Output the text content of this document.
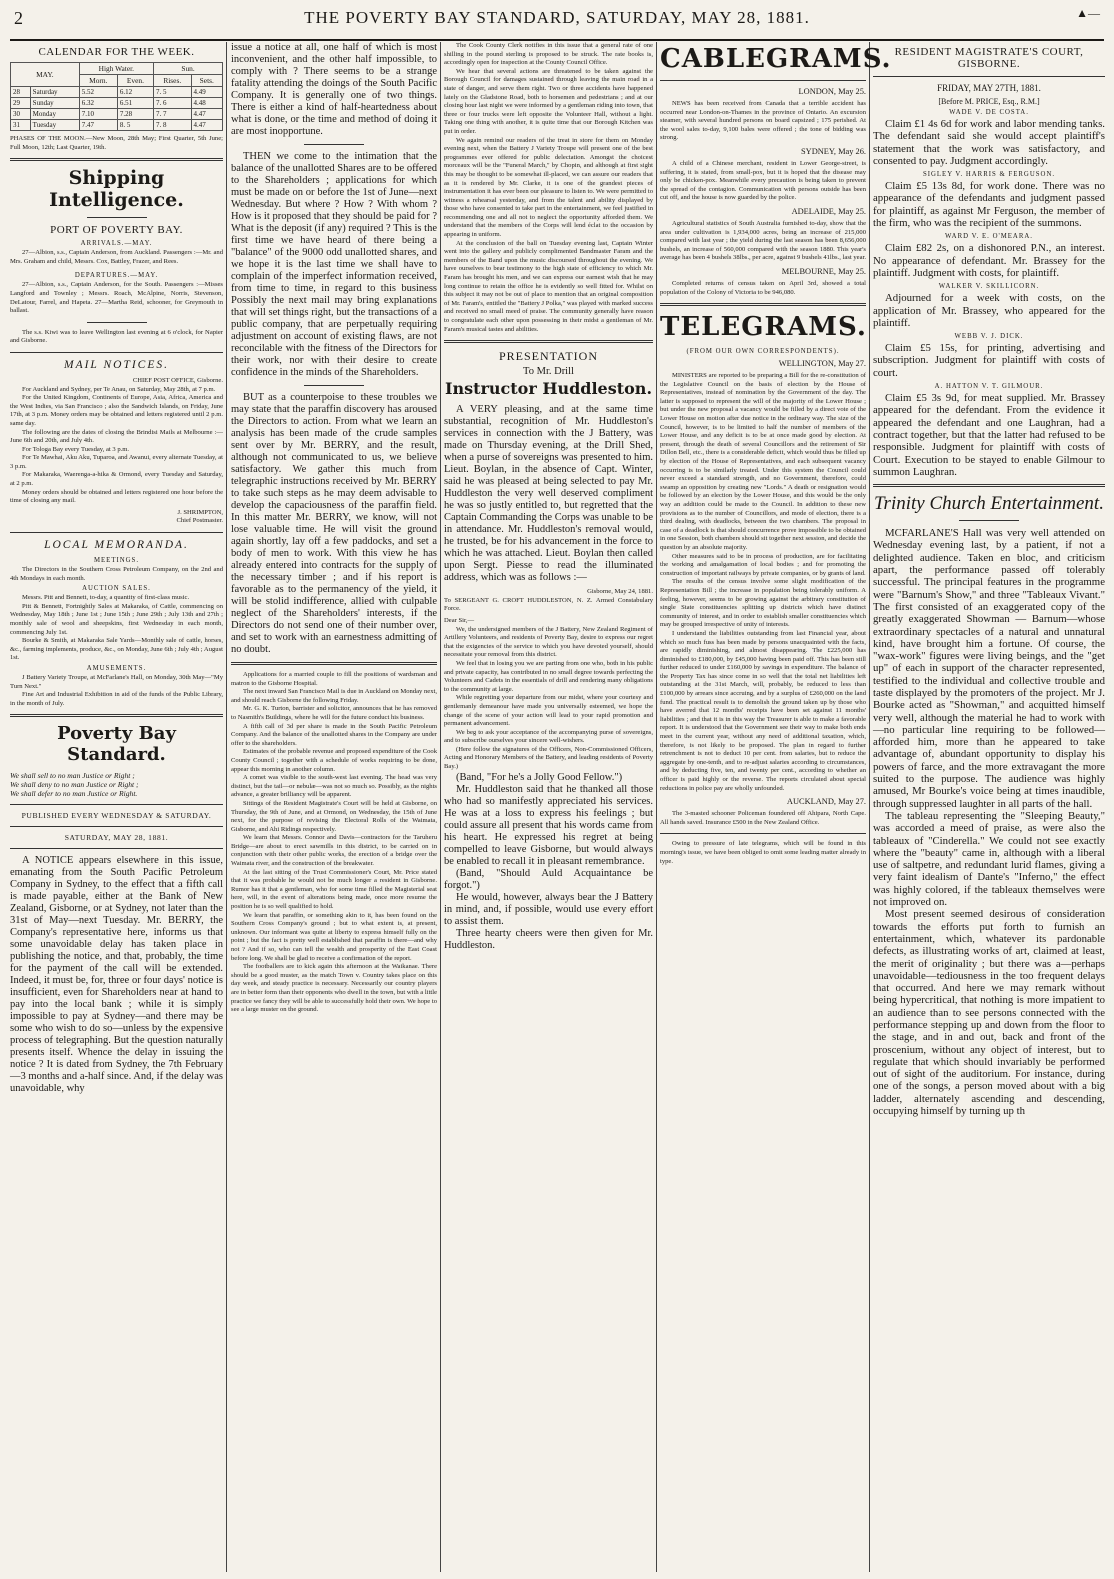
2	THE POVERTY BAY STANDARD, SATURDAY, MAY 28, 1881.	▲—
CALENDAR FOR THE WEEK.
MAY.		High Water.		Sun.	
		Morn.	Even.	Rises.	Sets.
28	Saturday	5.52	6.12	7. 5	4.49
29	Sunday	6.32	6.51	7. 6	4.48
30	Monday	7.10	7.28	7. 7	4.47
31	Tuesday	7.47	8. 5	7. 8	4.47

PHASES OF THE MOON.—New Moon, 28th May; First Quarter, 5th June; Full Moon, 12th; Last Quarter, 19th.

Shipping Intelligence.
PORT OF POVERTY BAY.
ARRIVALS.—MAY.

27—Albion, s.s., Captain Anderson, from Auckland. Passengers :—Mr. and Mrs. Graham and child, Messrs. Cox, Battley, Frazer, and Rees.

DEPARTURES.—MAY.

27—Albion, s.s., Captain Anderson, for the South. Passengers :—Misses Langford and Townley ; Messrs. Roach, McAlpine, Norris, Stevenson, DeLatour, Farrel, and Hapeta. 27—Martha Reid, schooner, for Greymouth in ballast.

The s.s. Kiwi was to leave Wellington last evening at 6 o'clock, for Napier and Gisborne.

MAIL NOTICES.

CHIEF POST OFFICE, Gisborne.

For Auckland and Sydney, per Te Anau, on Saturday, May 28th, at 7 p.m.

For the United Kingdom, Continents of Europe, Asia, Africa, America and the West Indies, via San Francisco ; also the Sandwich Islands, on Friday, June 17th, at 3 p.m. Money orders may be obtained and letters registered until 2 p.m. same day.

The following are the dates of closing the Brindisi Mails at Melbourne :—June 6th and 20th, and July 4th.

For Tologa Bay every Tuesday, at 3 p.m.

For Te Mawhai, Aku Aku, Tuparoa, and Awanui, every alternate Tuesday, at 3 p.m.

For Makaraka, Waerenga-a-hika & Ormond, every Tuesday and Saturday, at 2 p.m.

Money orders should be obtained and letters registered one hour before the time of closing any mail.

J. SHRIMPTON,

Chief Postmaster.

LOCAL MEMORANDA.
MEETINGS.

The Directors in the Southern Cross Petroleum Company, on the 2nd and 4th Mondays in each month.

AUCTION SALES.

Messrs. Pitt and Bennett, to-day, a quantity of first-class music.

Pitt & Bennett, Fortnightly Sales at Makaraka, of Cattle, commencing on Wednesday, May 18th ; June 1st ; June 15th ; June 29th ; July 13th and 27th ; monthly sale of wool and sheepskins, first Wednesday in each month, commencing July 1st.

Bourke & Smith, at Makaraka Sale Yards—Monthly sale of cattle, horses, &c., farming implements, produce, &c., on Monday, June 6th ; July 4th ; August 1st.

AMUSEMENTS.

J Battery Variety Troupe, at McFarlane's Hall, on Monday, 30th May—"My Turn Next."

Fine Art and Industrial Exhibition in aid of the funds of the Public Library, in the month of July.

Poverty Bay Standard.

We shall sell to no man Justice or Right ;

We shall deny to no man Justice or Right ;

We shall defer to no man Justice or Right.

PUBLISHED EVERY WEDNESDAY & SATURDAY.
SATURDAY, MAY 28, 1881.

A NOTICE appears elsewhere in this issue, emanating from the South Pacific Petroleum Company in Sydney, to the effect that a fifth call is made payable, either at the Bank of New Zealand, Gisborne, or at Sydney, not later than the 31st of May—next Tuesday. Mr. BERRY, the Company's representative here, informs us that some unavoidable delay has taken place in publishing the notice, and that, probably, the time for the payment of the call will be extended. Indeed, it must be, for, three or four days' notice is insufficient, even for Shareholders near at hand to pay into the local bank ; while it is simply impossible to pay at Sydney—and there may be some who wish to do so—unless by the expensive process of telegraphing. But the question naturally presents itself. Whence the delay in issuing the notice ? It is dated from Sydney, the 7th February—3 months and a-half since. And, if the delay was unavoidable, why

issue a notice at all, one half of which is most inconvenient, and the other half impossible, to comply with ? There seems to be a strange fatality attending the doings of the South Pacific Company. It is generally one of two things. There is either a kind of half-heartedness about what is done, or the time and method of doing it are most inopportune.

THEN we come to the intimation that the balance of the unallotted Shares are to be offered to the Shareholders ; applications for which must be made on or before the 1st of June—next Wednesday. But where ? How ? With whom ? How is it proposed that they should be paid for ? What is the deposit (if any) required ? This is the first time we have heard of there being a "balance" of the 9000 odd unallotted shares, and we hope it is the last time we shall have to complain of the imperfect information received, from time to time, in regard to this business Possibly the next mail may bring explanations that will set things right, but the transactions of a public company, that are perpetually requiring adjustment on account of existing flaws, are not reconcilable with the fitness of the Directors for their work, nor with their desire to create confidence in the minds of the Shareholders.

BUT as a counterpoise to these troubles we may state that the paraffin discovery has aroused the Directors to action. From what we learn an analysis has been made of the crude samples sent over by Mr. BERRY, and the result, although not communicated to us, we believe satisfactory. We gather this much from telegraphic instructions received by Mr. BERRY to take such steps as he may deem advisable to develop the capaciousness of the paraffin field. In this matter Mr. BERRY, we know, will not lose valuable time. He will visit the ground again shortly, lay off a few paddocks, and set a body of men to work. With this view he has already entered into contracts for the supply of the necessary timber ; and if his report is favorable as to the permanency of the yield, it will be stolid indifference, allied with culpable neglect of the Shareholders' interests, if the Directors do not send one of their number over, and set to work with an earnestness admitting of no doubt.

Applications for a married couple to fill the positions of wardsman and matron to the Gisborne Hospital.

The next inward San Francisco Mail is due in Auckland on Monday next, and should reach Gisborne the following Friday.

Mr. G. K. Turton, barrister and solicitor, announces that he has removed to Nasmith's Buildings, where he will for the future conduct his business.

A fifth call of 3d per share is made in the South Pacific Petroleum Company. And the balance of the unallotted shares in the Company are under offer to the shareholders.

Estimates of the probable revenue and proposed expenditure of the Cook County Council ; together with a schedule of works requiring to be done, appear this morning in another column.

A comet was visible to the south-west last evening. The head was very distinct, but the tail—or nebulæ—was not so much so. Possibly, as the nights advance, a greater brilliancy will be apparent.

Sittings of the Resident Magistrate's Court will be held at Gisborne, on Thursday, the 9th of June, and at Ormond, on Wednesday, the 15th of June next, for the purpose of revising the Electoral Rolls of the Waimata, Gisborne, and Ahi Ridings respectively.

We learn that Messrs. Connor and Davis—contractors for the Taruheru Bridge—are about to erect sawmills in this district, to be carried on in conjunction with their other public works, the erection of a bridge over the Waimata river, and the construction of the breakwater.

At the last sitting of the Trust Commissioner's Court, Mr. Price stated that it was probable he would not be much longer a resident in Gisborne. Rumor has it that a gentleman, who for some time filled the Magisterial seat here, will, in the event of alterations being made, once more resume the position he is so well qualified to hold.

We learn that paraffin, or something akin to it, has been found on the Southern Cross Company's ground ; but to what extent is, at present, unknown. Our informant was quite at liberty to express himself fully on the point ; but the fact is pretty well established that paraffin is there—and why not ? And if so, who can tell the wealth and prosperity of the East Coast before long. We shall be glad to receive a confirmation of the report.

The footballers are to kick again this afternoon at the Waikanae. There should be a good muster, as the match Town v. Country takes place on this day week, and steady practice is necessary. Necessarily our country players are in better form than their opponents who dwell in the town, but with a little practice we fancy they will be able to successfully hold their own. We hope to see a large muster on the ground.

The Cook County Clerk notifies in this issue that a general rate of one shilling in the pound sterling is proposed to be struck. The rate books is, accordingly open for inspection at the County Council Office.

We hear that several actions are threatened to be taken against the Borough Council for damages sustained through leaving the main road in a state of danger, and serve them right. Two or three accidents have happened lately on the Gladstone Road, both to horsemen and pedestrians ; and at our closing hour last night we were informed by a gentleman riding into town, that three or four trucks were left opposite the Volunteer Hall, without a light. Taking one thing with another, it is quite time that our Borough Kitchen was put in order.

We again remind our readers of the treat in store for them on Monday evening next, when the Battery J Variety Troupe will present one of the best programmes ever offered for public delectation. Amongst the choicest morceaux will be the "Funeral March," by Chopin, and although at first sight this may be thought to be somewhat ill-placed, we can assure our readers that as it is rendered by Mr. Clarke, it is one of the grandest pieces of instrumentation it has ever been our pleasure to listen to. We were permitted to witness a rehearsal yesterday, and from the talent and ability displayed by those who have consented to take part in the entertainment, we feel justified in recommending one and all not to neglect the opportunity afforded them. We understand that the members of the Corps will lend éclat to the occasion by appearing in uniform.

At the conclusion of the ball on Tuesday evening last, Captain Winter went into the gallery and publicly complimented Bandmaster Faram and the members of the Band upon the music discoursed throughout the evening. We have ourselves to bear testimony to the high state of efficiency to which Mr. Faram has brought his men, and we can express our earnest wish that he may long continue to retain the office he is evidently so well fitted for. Whilst on this subject it may not be out of place to mention that an original composition of Mr. Faram's, entitled the "Battery J Polka," was played with marked success and received no small meed of praise. The community generally have reason to congratulate each other upon possessing in their midst a gentleman of Mr. Faram's musical tastes and abilities.

PRESENTATION
To Mr. Drill
Instructor Huddleston.

A VERY pleasing, and at the same time substantial, recognition of Mr. Huddleston's services in connection with the J Battery, was made on Thursday evening, at the Drill Shed, when a purse of sovereigns was presented to him. Lieut. Boylan, in the absence of Capt. Winter, said he was pleased at being selected to pay Mr. Huddleston the very well deserved compliment he was so justly entitled to, but regretted that the Captain Commanding the Corps was unable to be in attendance. Mr. Huddleston's removal would, he trusted, be for his advancement in the force to which he was attached. Lieut. Boylan then called upon Sergt. Piesse to read the illuminated address, which was as follows :—

Gisborne, May 24, 1881.

To SERGEANT G. CROFT HUDDLESTON, N. Z. Armed Constabulary Force.

Dear Sir,—

We, the undersigned members of the J Battery, New Zealand Regiment of Artillery Volunteers, and residents of Poverty Bay, desire to express our regret that the exigencies of the service to which you have devoted yourself, should necessitate your removal from this district.

We feel that in losing you we are parting from one who, both in his public and private capacity, has contributed in no small degree towards perfecting the Volunteers and Cadets in the essentials of drill and rendering many obligations to the community at large.

While regretting your departure from our midst, where your courtesy and gentlemanly demeanour have made you universally esteemed, we hope the change of the scene of your action will lead to your rapid promotion and permanent advancement.

We beg to ask your acceptance of the accompanying purse of sovereigns, and to subscribe ourselves your sincere well-wishers.

(Here follow the signatures of the Officers, Non-Commissioned Officers, Acting and Honorary Members of the Battery, and leading residents of Poverty Bay.)

(Band, "For he's a Jolly Good Fellow.")

Mr. Huddleston said that he thanked all those who had so manifestly appreciated his services. He was at a loss to express his feelings ; but could assure all present that his words came from his heart. He expressed his regret at being compelled to leave Gisborne, but would always be enabled to recall it in pleasant remembrance.

(Band, "Should Auld Acquaintance be forgot.")

He would, however, always bear the J Battery in mind, and, if possible, would use every effort to assist them.

Three hearty cheers were then given for Mr. Huddleston.

CABLEGRAMS.
LONDON, May 25.

NEWS has been received from Canada that a terrible accident has occurred near London-on-Thames in the province of Ontario. An excursion steamer, with several hundred persons on board capsized ; 175 perished. At the wool sales to-day, 9,100 bales were offered ; the tone of bidding was strong.

SYDNEY, May 26.

A child of a Chinese merchant, resident in Lower George-street, is suffering, it is stated, from small-pox, but it is hoped that the disease may only be chicken-pox. Meanwhile every precaution is being taken to prevent the spread of the contagion. Communication with persons outside has been cut off, and the house is now guarded by the police.

ADELAIDE, May 25.

Agricultural statistics of South Australia furnished to-day, show that the area under cultivation is 1,934,000 acres, being an increase of 215,000 compared with last year ; the yield during the last season has been 8,656,000 bushels, an increase of 560,000 compared with the season 1880. This year's average has been 4 bushels 38lbs., per acre, against 9 bushels 41lbs., last year.

MELBOURNE, May 25.

Completed returns of census taken on April 3rd, showed a total population of the Colony of Victoria to be 946,080.

TELEGRAMS.
(FROM OUR OWN CORRESPONDENTS).
WELLINGTON, May 27.

MINISTERS are reported to be preparing a Bill for the re-constitution of the Legislative Council on the basis of election by the House of Representatives, instead of nomination by the Government of the day. The latter is supposed to represent the will of the majority of the Lower House ; but under the new proposal a vacancy would be filled by a direct vote of the Lower House on motion after due notice in the ordinary way. The size of the Council, however, is to be limited to half the number of members of the Lower House, and any deficit is to be at once made good by election. At present, through the death of several Councillors and the retirement of Sir Dillon Bell, etc., there is a considerable deficit, which would thus be filled up by election of the House of Representatives, and each subsequent vacancy occurring is to be similarly treated. Under this system the Council could never exceed a standard strength, and no Government, therefore, could swamp an opposition by creating new "Lords." A death or resignation would be followed by an election by the Lower House, and this would be the only way an addition could be made to the Council. In addition to these new provisions as to the number of Councillors, and mode of election, there is a third dealing, with deadlocks, between the two chambers. The proposal in case of a deadlock is that should concurrence prove impossible to be obtained in one Session, both chambers should sit together next session, and decide the question by an absolute majority.

Other measures said to be in process of production, are for facilitating the working and amalgamation of local bodies ; and for promoting the construction of important railways by private companies, or by grants of land.

The results of the census involve some slight modification of the Representation Bill ; the increase in population being tolerably uniform. A feeling, however, seems to be growing against the arbitrary constitution of single State constituencies splitting up districts which have distinct community of interest, and in order to establish smaller constituencies which may be grouped irrespective of unity of interests.

I understand the liabilities outstanding from last Financial year, about which so much fuss has been made by persons unacquainted with the facts, are rapidly diminishing, and almost disappearing. The £225,000 has diminished to £180,000, by £45,000 having been paid off. This has been still further reduced to under £160,000 by savings in expenditure. The balance of the Property Tax has since come in so well that the total net liabilities left outstanding at the 31st March, will, probably, be reduced to less than £100,000 by arrears since accruing, and by a surplus of £260,000 on the land fund. The practical result is to demolish the ground taken up by those who have averred that 12 months' receipts have been set against 11 months' liabilities ; and that it is in this way the Treasurer is able to make a favorable report. It is understood that the Government see their way to make both ends meet in the current year, without any need of additional taxation, which, therefore, is not likely to be proposed. The plan in regard to further retrenchment is not to deduct 10 per cent. from salaries, but to reduce the aggregate by one-tenth, and to re-adjust salaries according to circumstances, and by deducting five, ten, and twenty per cent., according to whether an officer is paid highly or the reverse. The reports circulated about special reductions in police pay are wholly unfounded.

AUCKLAND, May 27.

The 3-masted schooner Policeman foundered off Ahipara, North Cape. All hands saved. Insurance £500 in the New Zealand Office.

Owing to pressure of late telegrams, which will be found in this morning's issue, we have been obliged to omit some leading matter already in type.

RESIDENT MAGISTRATE'S COURT, GISBORNE.
FRIDAY, MAY 27TH, 1881.
[Before M. PRICE, Esq., R.M.]
WADE V. DE COSTA.

Claim £1 4s 6d for work and labor mending tanks. The defendant said she would accept plaintiff's statement that the work was satisfactory, and consented to pay. Judgment accordingly.

SIGLEY V. HARRIS & FERGUSON.

Claim £5 13s 8d, for work done. There was no appearance of the defendants and judgment passed for plaintiff, as against Mr Ferguson, the member of the firm, who was the recipient of the summons.

WARD V. E. O'MEARA.

Claim £82 2s, on a dishonored P.N., an interest. No appearance of defendant. Mr. Brassey for the plaintiff. Judgment with costs, for plaintiff.

WALKER V. SKILLICORN.

Adjourned for a week with costs, on the application of Mr. Brassey, who appeared for the plaintiff.

WEBB V. J. DICK.

Claim £5 15s, for printing, advertising and subscription. Judgment for plaintiff with costs of court.

A. HATTON V. T. GILMOUR.

Claim £5 3s 9d, for meat supplied. Mr. Brassey appeared for the defendant. From the evidence it appeared the defendant and one Laughran, had a contract together, but that the latter had refused to be responsible. Judgment for plaintiff with costs of Court. Execution to be stayed to enable Gilmour to summon Laughran.

Trinity Church Entertainment.

MCFARLANE'S Hall was very well attended on Wednesday evening last, by a patient, if not a delighted audience. Taken en bloc, and criticism apart, the performance passed off tolerably successful. The principal features in the programme were "Barnum's Show," and three "Tableaux Vivant." The first consisted of an exaggerated copy of the greatly exaggerated Showman — Barnum—whose extraordinary spectacles of a natural and unnatural kind, have brought him a fortune. Of course, the "wax-work" figures were living beings, and the "get up" of each in support of the character represented, testified to the individual and collective trouble and taste displayed by the promoters of the project. Mr J. Bourke acted as "Showman," and acquitted himself very well, although the material he had to work with—no particular line requiring to be followed—afforded him, more than he appeared to take advantage of, abundant opportunity to display his powers of farce, and the more extravagant the more suited to the purpose. The audience was highly amused, Mr Bourke's voice being at times inaudible, through suppressed laughter in all parts of the hall.

The tableau representing the "Sleeping Beauty," was accorded a meed of praise, as were also the tableaux of "Cinderella." We could not see exactly where the "beauty" came in, although with a liberal use of saltpetre, and redundant lurid flames, giving a very faint idealism of Dante's "Inferno," the effect was highly colored, if the tableaux themselves were not improved on.

Most present seemed desirous of consideration towards the efforts put forth to furnish an entertainment, which, whatever its pardonable defects, as illustrating works of art, claimed at least, the merit of originality ; but there was a—perhaps unavoidable—tediousness in the too frequent delays that occurred. And here we may remark without being hypercritical, that nothing is more impatient to an audience than to see persons connected with the performance stepping up and down from the floor to the stage, and in and out, back and front of the proscenium, without any object of interest, but to regulate that which should invariably be performed out of sight of the auditorium. For instance, during one of the songs, a person moved about with a big ladder, alternately ascending and descending, occupying himself by turning up th
